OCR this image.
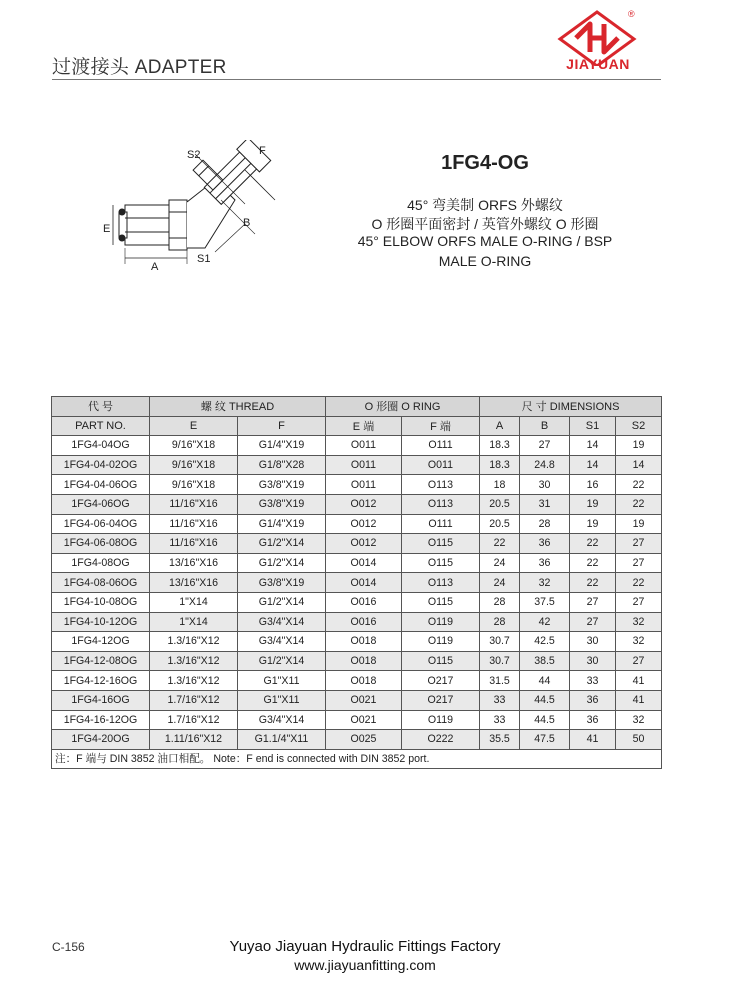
过渡接头 ADAPTER
®
JIAYUAN
S2	F
E	B
A
S1
1FG4-OG
45° 弯美制 ORFS 外螺纹
O 形圈平面密封 / 英管外螺纹 O 形圈
45° ELBOW ORFS MALE O-RING / BSP
MALE O-RING
代 号	螺 纹 THREAD		O 形圈 O RING		尺 寸 DIMENSIONS			
PART NO.	E	F	E 端	F 端	A	B	S1	S2
1FG4-04OG	9/16"X18	G1/4"X19	O011	O111	18.3	27	14	19
1FG4-04-02OG	9/16"X18	G1/8"X28	O011	O011	18.3	24.8	14	14
1FG4-04-06OG	9/16"X18	G3/8"X19	O011	O113	18	30	16	22
1FG4-06OG	11/16"X16	G3/8"X19	O012	O113	20.5	31	19	22
1FG4-06-04OG	11/16"X16	G1/4"X19	O012	O111	20.5	28	19	19
1FG4-06-08OG	11/16"X16	G1/2"X14	O012	O115	22	36	22	27
1FG4-08OG	13/16"X16	G1/2"X14	O014	O115	24	36	22	27
1FG4-08-06OG	13/16"X16	G3/8"X19	O014	O113	24	32	22	22
1FG4-10-08OG	1"X14	G1/2"X14	O016	O115	28	37.5	27	27
1FG4-10-12OG	1"X14	G3/4"X14	O016	O119	28	42	27	32
1FG4-12OG	1.3/16"X12	G3/4"X14	O018	O119	30.7	42.5	30	32
1FG4-12-08OG	1.3/16"X12	G1/2"X14	O018	O115	30.7	38.5	30	27
1FG4-12-16OG	1.3/16"X12	G1"X11	O018	O217	31.5	44	33	41
1FG4-16OG	1.7/16"X12	G1"X11	O021	O217	33	44.5	36	41
1FG4-16-12OG	1.7/16"X12	G3/4"X14	O021	O119	33	44.5	36	32
1FG4-20OG	1.11/16"X12	G1.1/4"X11	O025	O222	35.5	47.5	41	50
注：F 端与 DIN 3852 油口相配。 Note：F end is connected with DIN 3852 port.								
C-156	Yuyao Jiayuan Hydraulic Fittings Factory
www.jiayuanfitting.com
